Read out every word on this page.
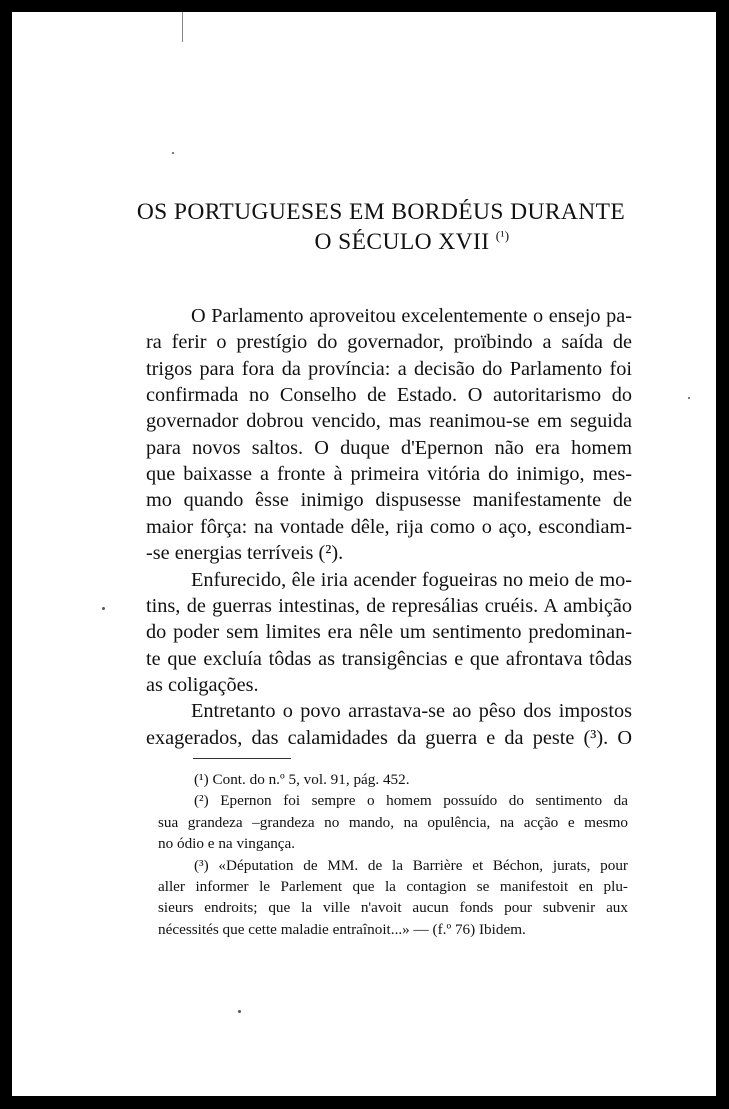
OS PORTUGUESES EM BORDÉUS DURANTE
O SÉCULO XVII $^{(^1)}$
O Parlamento aproveitou excelentemente o ensejo pa-
ra ferir o prestígio do governador, proïbindo a saída de
trigos para fora da província: a decisão do Parlamento foi
confirmada no Conselho de Estado. O autoritarismo do
governador dobrou vencido, mas reanimou-se em seguida
para novos saltos. O duque d'Epernon não era homem
que baixasse a fronte à primeira vitória do inimigo, mes-
mo quando êsse inimigo dispusesse manifestamente de
maior fôrça: na vontade dêle, rija como o aço, escondiam-
-se energias terríveis (²).
Enfurecido, êle iria acender fogueiras no meio de mo-
tins, de guerras intestinas, de represálias cruéis. A ambição
do poder sem limites era nêle um sentimento predominan-
te que excluía tôdas as transigências e que afrontava tôdas
as coligações.
Entretanto o povo arrastava-se ao pêso dos impostos
exagerados, das calamidades da guerra e da peste (³). O
(¹) Cont. do n.º 5, vol. 91, pág. 452.
(²) Epernon foi sempre o homem possuído do sentimento da
sua grandeza –grandeza no mando, na opulência, na acção e mesmo
no ódio e na vingança.
(³) «Députation de MM. de la Barrière et Béchon, jurats, pour
aller informer le Parlement que la contagion se manifestoit en plu-
sieurs endroits; que la ville n'avoit aucun fonds pour subvenir aux
nécessités que cette maladie entraînoit...» — (f.º 76) Ibidem.
